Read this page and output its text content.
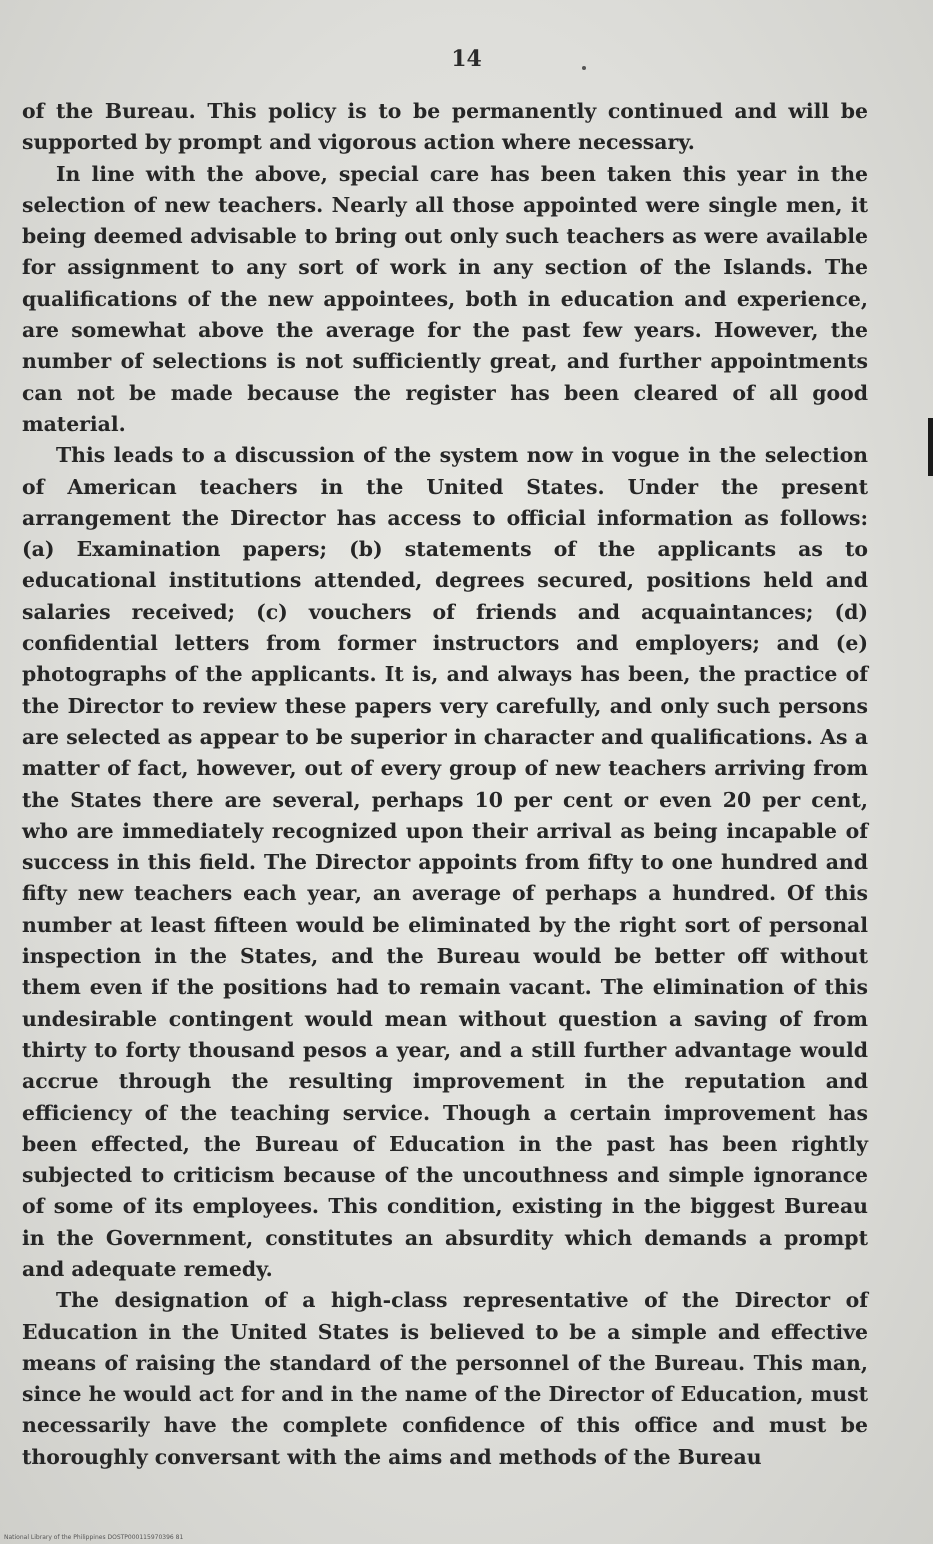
14

of the Bureau. This policy is to be permanently continued and will be supported by prompt and vigorous action where necessary.

In line with the above, special care has been taken this year in the selection of new teachers. Nearly all those appointed were single men, it being deemed advisable to bring out only such teachers as were available for assignment to any sort of work in any section of the Islands. The qualifications of the new appointees, both in education and experience, are somewhat above the average for the past few years. However, the number of selections is not sufficiently great, and further appointments can not be made because the register has been cleared of all good material.

This leads to a discussion of the system now in vogue in the selection of American teachers in the United States. Under the present arrangement the Director has access to official information as follows: (a) Examination papers; (b) statements of the applicants as to educational institutions attended, degrees secured, positions held and salaries received; (c) vouchers of friends and acquaintances; (d) confidential letters from former instructors and employers; and (e) photographs of the applicants. It is, and always has been, the practice of the Director to review these papers very carefully, and only such persons are selected as appear to be superior in character and qualifications. As a matter of fact, however, out of every group of new teachers arriving from the States there are several, perhaps 10 per cent or even 20 per cent, who are immediately recognized upon their arrival as being incapable of success in this field. The Director appoints from fifty to one hundred and fifty new teachers each year, an average of perhaps a hundred. Of this number at least fifteen would be eliminated by the right sort of personal inspection in the States, and the Bureau would be better off without them even if the positions had to remain vacant. The elimination of this undesirable contingent would mean without question a saving of from thirty to forty thousand pesos a year, and a still further advantage would accrue through the resulting improvement in the reputation and efficiency of the teaching service. Though a certain improvement has been effected, the Bureau of Education in the past has been rightly subjected to criticism because of the uncouthness and simple ignorance of some of its employees. This condition, existing in the biggest Bureau in the Government, constitutes an absurdity which demands a prompt and adequate remedy.

The designation of a high-class representative of the Director of Education in the United States is believed to be a simple and effective means of raising the standard of the personnel of the Bureau. This man, since he would act for and in the name of the Director of Education, must necessarily have the complete confidence of this office and must be thoroughly conversant with the aims and methods of the Bureau

National Library of the Philippines DOSTP000115970396 81
